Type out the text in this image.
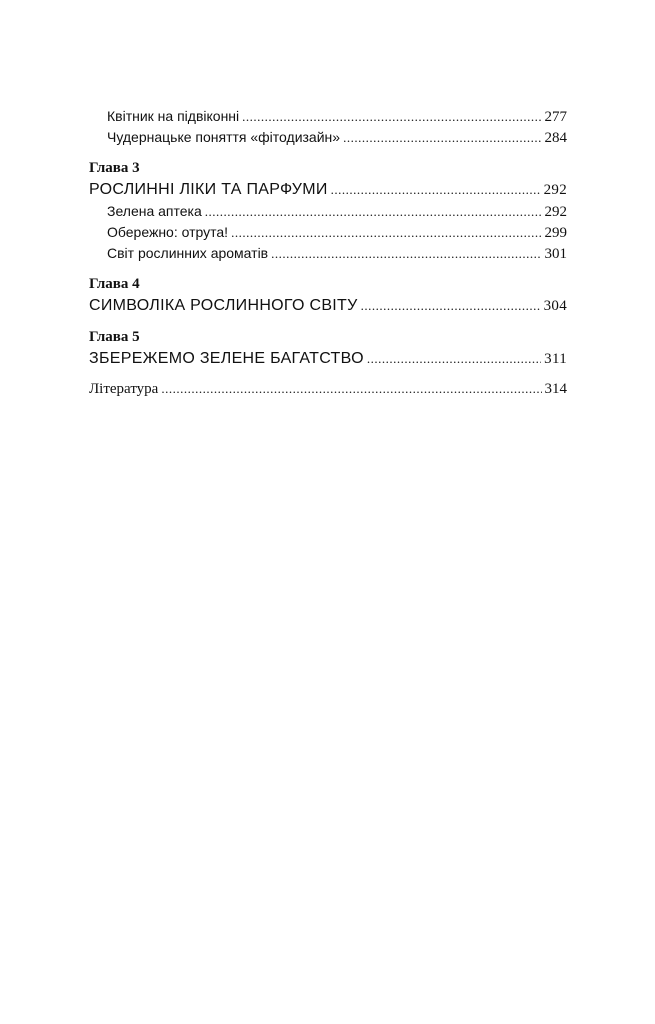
Квітник на підвіконні .....	277
Чудернацьке поняття «фітодизайн» .....	284
Глава 3
РОСЛИННІ ЛІКИ ТА ПАРФУМИ .....	292
Зелена аптека .....	292
Обережно: отрута! .....	299
Світ рослинних ароматів .....	301
Глава 4
СИМВОЛІКА РОСЛИННОГО СВІТУ .....	304
Глава 5
ЗБЕРЕЖЕМО ЗЕЛЕНЕ БАГАТСТВО .....	311
Література .....	314
